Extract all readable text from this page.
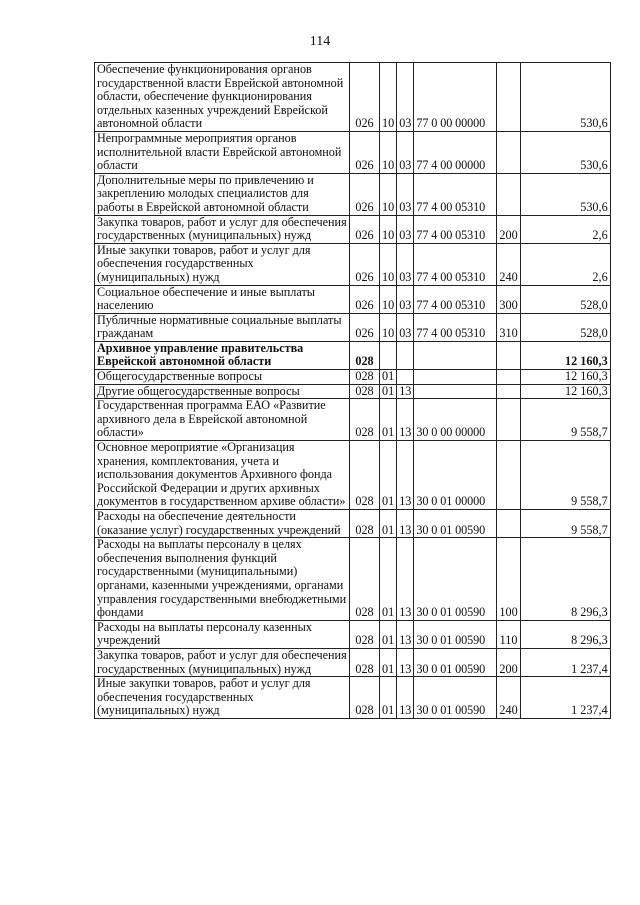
114
Обеспечение функционирования органов государственной власти Еврейской автономной области, обеспечение функционирования отдельных казенных учреждений Еврейской автономной области	026	10	03	77 0 00 00000		530,6
Непрограммные мероприятия органов исполнительной власти Еврейской автономной области	026	10	03	77 4 00 00000		530,6
Дополнительные меры по привлечению и закреплению молодых специалистов для работы в Еврейской автономной области	026	10	03	77 4 00 05310		530,6
Закупка товаров, работ и услуг для обеспечения государственных (муниципальных) нужд	026	10	03	77 4 00 05310	200	2,6
Иные закупки товаров, работ и услуг для обеспечения государственных (муниципальных) нужд	026	10	03	77 4 00 05310	240	2,6
Социальное обеспечение и иные выплаты населению	026	10	03	77 4 00 05310	300	528,0
Публичные нормативные социальные выплаты гражданам	026	10	03	77 4 00 05310	310	528,0
Архивное управление правительства Еврейской автономной области	028					12 160,3
Общегосударственные вопросы	028	01				12 160,3
Другие общегосударственные вопросы	028	01	13			12 160,3
Государственная программа ЕАО «Развитие архивного дела в Еврейской автономной области»	028	01	13	30 0 00 00000		9 558,7
Основное мероприятие «Организация хранения, комплектования, учета и использования документов Архивного фонда Российской Федерации и других архивных документов в государственном архиве области»	028	01	13	30 0 01 00000		9 558,7
Расходы на обеспечение деятельности (оказание услуг) государственных учреждений	028	01	13	30 0 01 00590		9 558,7
Расходы на выплаты персоналу в целях обеспечения выполнения функций государственными (муниципальными) органами, казенными учреждениями, органами управления государственными внебюджетными фондами	028	01	13	30 0 01 00590	100	8 296,3
Расходы на выплаты персоналу казенных учреждений	028	01	13	30 0 01 00590	110	8 296,3
Закупка товаров, работ и услуг для обеспечения государственных (муниципальных) нужд	028	01	13	30 0 01 00590	200	1 237,4
Иные закупки товаров, работ и услуг для обеспечения государственных (муниципальных) нужд	028	01	13	30 0 01 00590	240	1 237,4
